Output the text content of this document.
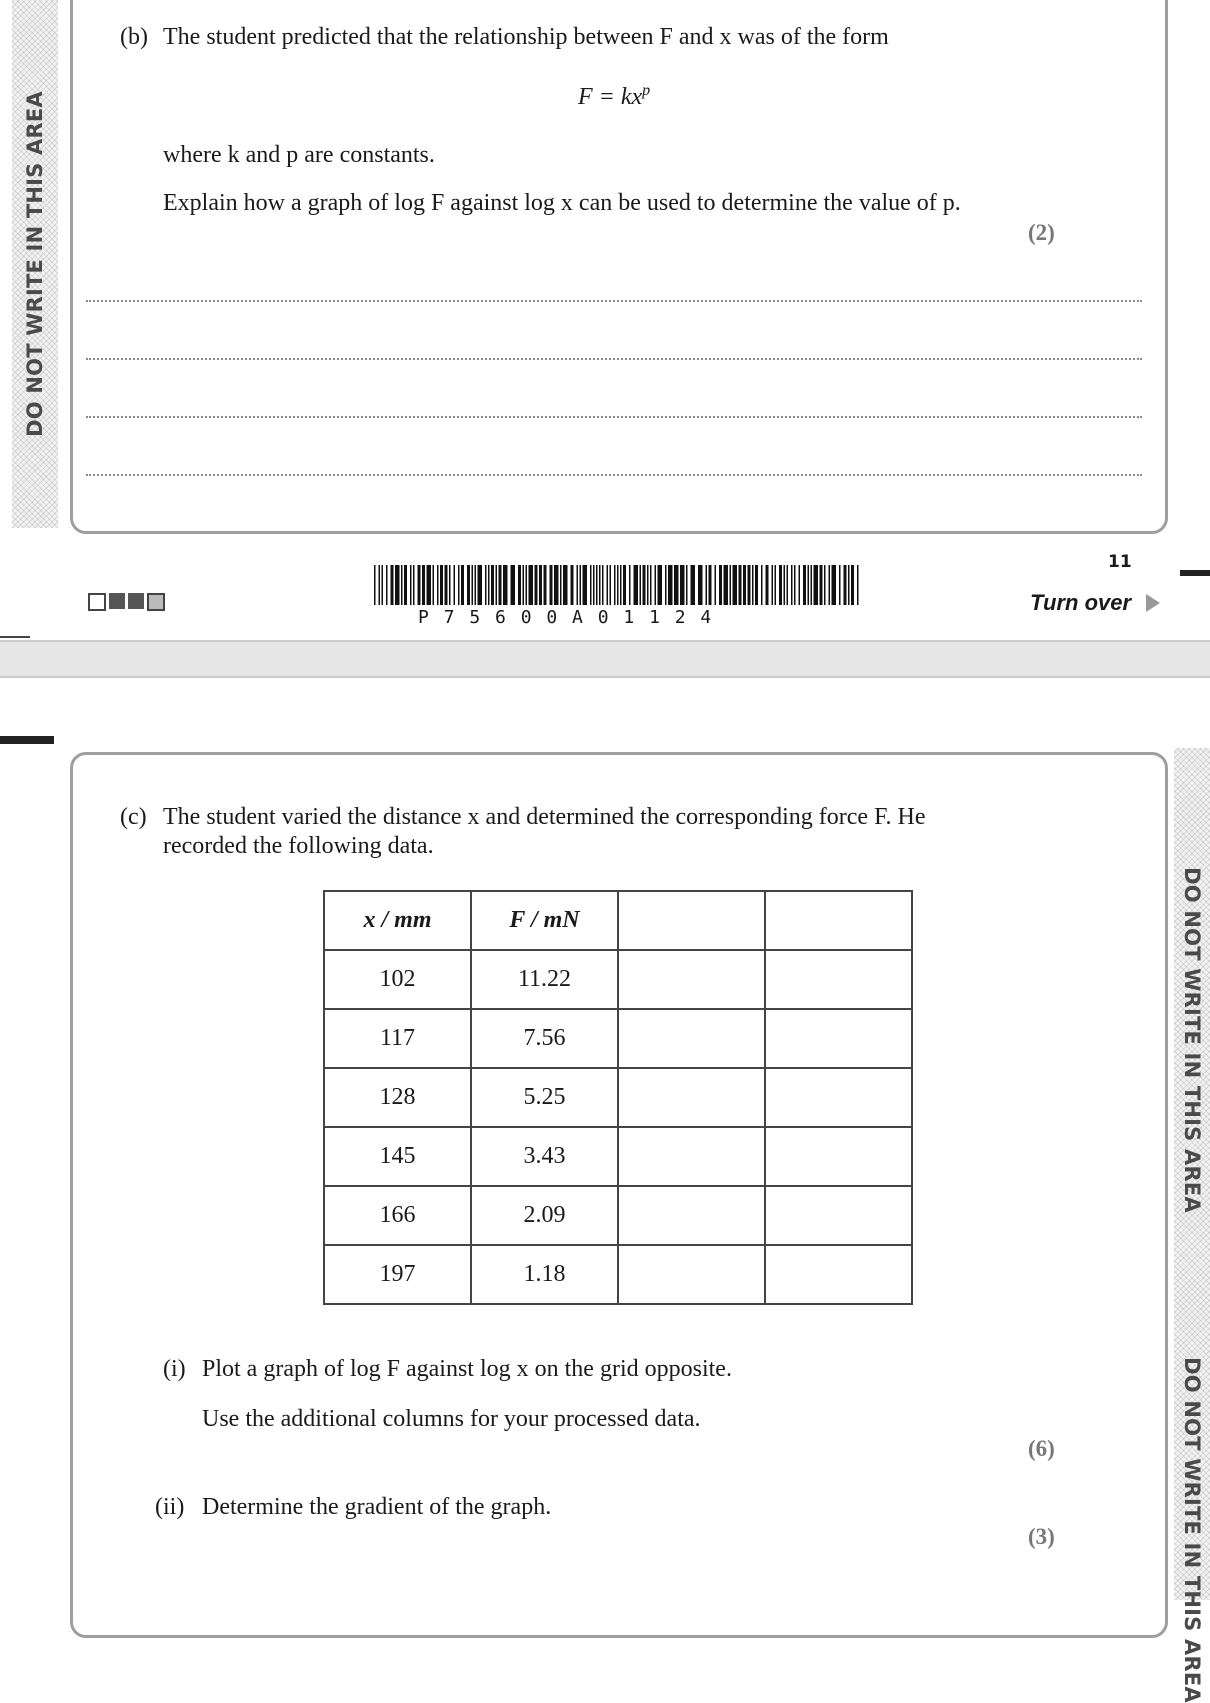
DO NOT WRITE IN THIS AREA
(b) The student predicted that the relationship between F and x was of the form
$F = kx^p$
where k and p are constants.
Explain how a graph of log F against log x can be used to determine the value of p.
(2)
11
Turn over
P 7 5 6 0 0 A 0 1 1 2 4
DO NOT WRITE IN THIS AREA
DO NOT WRITE IN THIS AREA
(c) The student varied the distance x and determined the corresponding force F. He
recorded the following data.
x / mm	F / mN		
102	11.22		
117	7.56		
128	5.25		
145	3.43		
166	2.09		
197	1.18		
(i) Plot a graph of log F against log x on the grid opposite.
Use the additional columns for your processed data.
(6)
(ii) Determine the gradient of the graph.
(3)
